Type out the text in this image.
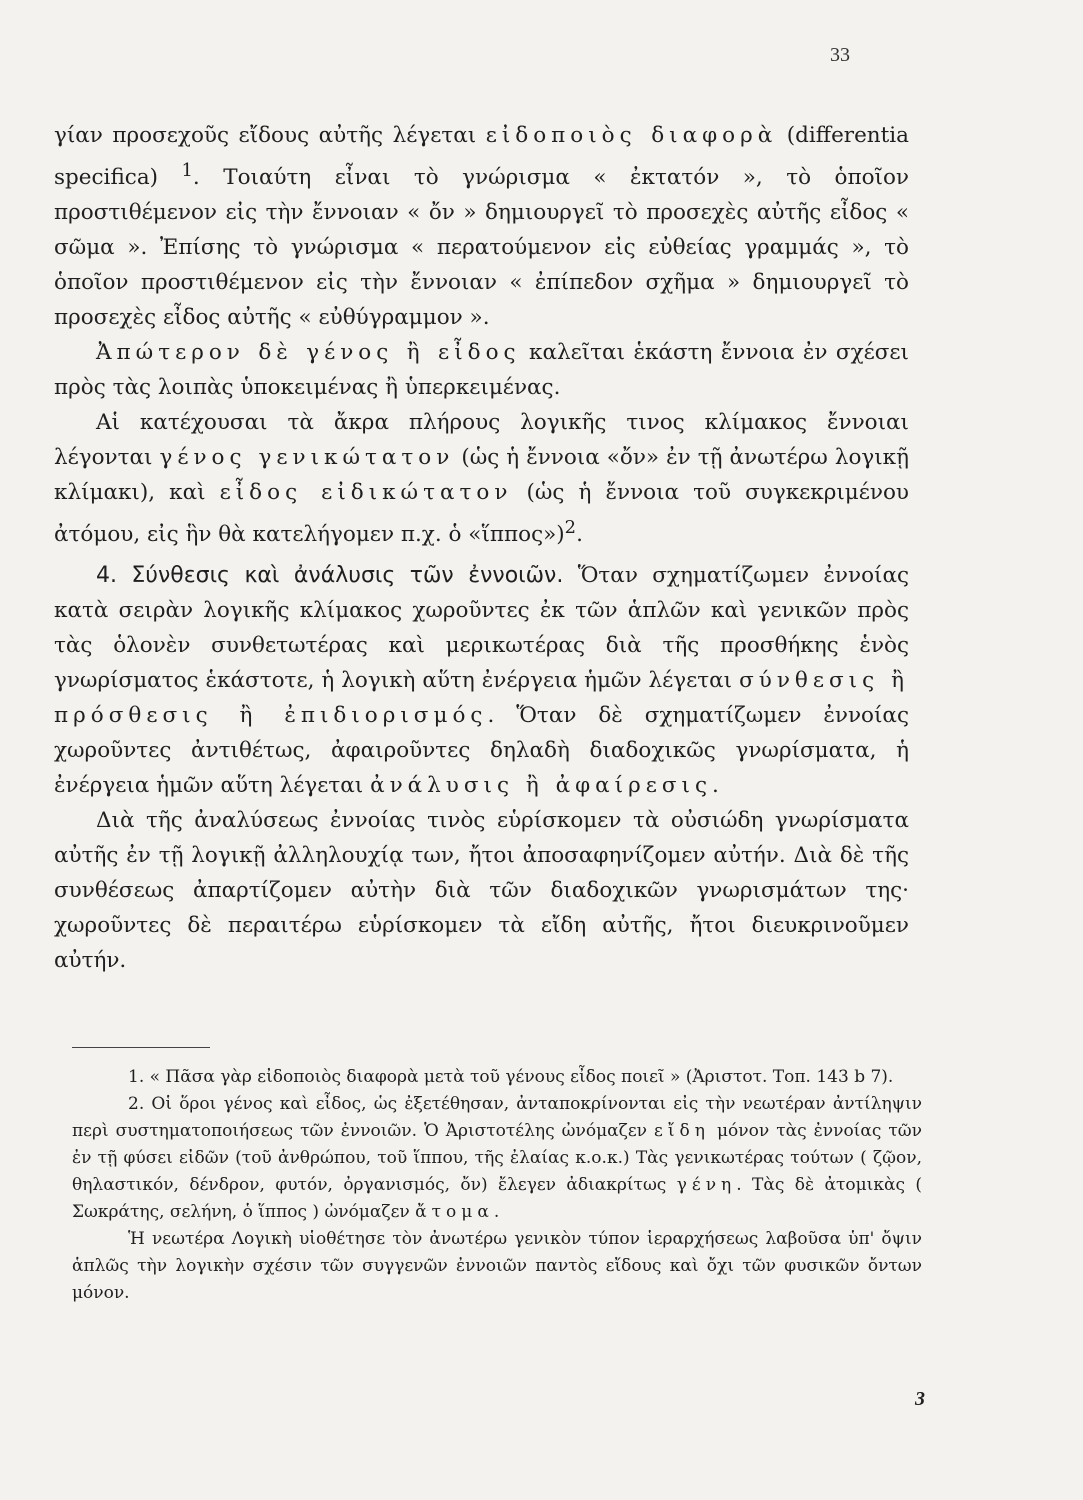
33

γίαν προσεχοῦς εἴδους αὐτῆς λέγεται εἰδοποιὸς διαφορὰ (differentia specifica) $^1$. Τοιαύτη εἶναι τὸ γνώρισμα « ἐκτατόν », τὸ ὁποῖον προστιθέμενον εἰς τὴν ἔννοιαν « ὄν » δημιουργεῖ τὸ προσεχὲς αὐτῆς εἶδος « σῶμα ». Ἐπίσης τὸ γνώρισμα « περατούμενον εἰς εὐθείας γραμμάς », τὸ ὁποῖον προστιθέμενον εἰς τὴν ἔννοιαν « ἐπίπεδον σχῆμα » δημιουργεῖ τὸ προσεχὲς εἶδος αὐτῆς « εὐθύγραμμον ».

Ἀπώτερον δὲ γένος ἢ εἶδος καλεῖται ἑκάστη ἔννοια ἐν σχέσει πρὸς τὰς λοιπὰς ὑποκειμένας ἢ ὑπερκειμένας.

Αἱ κατέχουσαι τὰ ἄκρα πλήρους λογικῆς τινος κλίμακος ἔννοιαι λέγονται γένος γενικώτατον (ὡς ἡ ἔννοια «ὄν» ἐν τῇ ἀνωτέρω λογικῇ κλίμακι), καὶ εἶδος εἰδικώτατον (ὡς ἡ ἔννοια τοῦ συγκεκριμένου ἀτόμου, εἰς ἣν θὰ κατελήγομεν π.χ. ὁ «ἵππος»)$^2$.

4. Σύνθεσις καὶ ἀνάλυσις τῶν ἐννοιῶν. Ὅταν σχηματίζωμεν ἐννοίας κατὰ σειρὰν λογικῆς κλίμακος χωροῦντες ἐκ τῶν ἁπλῶν καὶ γενικῶν πρὸς τὰς ὁλονὲν συνθετωτέρας καὶ μερικωτέρας διὰ τῆς προσθήκης ἑνὸς γνωρίσματος ἑκάστοτε, ἡ λογικὴ αὕτη ἐνέργεια ἡμῶν λέγεται σύνθεσις ἢ πρόσθεσις ἢ ἐπιδιορισμός. Ὅταν δὲ σχηματίζωμεν ἐννοίας χωροῦντες ἀντιθέτως, ἀφαιροῦντες δηλαδὴ διαδοχικῶς γνωρίσματα, ἡ ἐνέργεια ἡμῶν αὕτη λέγεται ἀνάλυσις ἢ ἀφαίρεσις.

Διὰ τῆς ἀναλύσεως ἐννοίας τινὸς εὑρίσκομεν τὰ οὐσιώδη γνωρίσματα αὐτῆς ἐν τῇ λογικῇ ἀλληλουχίᾳ των, ἤτοι ἀποσαφηνίζομεν αὐτήν. Διὰ δὲ τῆς συνθέσεως ἀπαρτίζομεν αὐτὴν διὰ τῶν διαδοχικῶν γνωρισμάτων της· χωροῦντες δὲ περαιτέρω εὑρίσκομεν τὰ εἴδη αὐτῆς, ἤτοι διευκρινοῦμεν αὐτήν.

1. « Πᾶσα γὰρ εἰδοποιὸς διαφορὰ μετὰ τοῦ γένους εἶδος ποιεῖ » (Ἀριστοτ. Τοπ. 143 b 7).

2. Οἱ ὅροι γένος καὶ εἶδος, ὡς ἐξετέθησαν, ἀνταποκρίνονται εἰς τὴν νεωτέραν ἀντίληψιν περὶ συστηματοποιήσεως τῶν ἐννοιῶν. Ὁ Ἀριστοτέλης ὠνόμαζεν εἴδη μόνον τὰς ἐννοίας τῶν ἐν τῇ φύσει εἰδῶν (τοῦ ἀνθρώπου, τοῦ ἵππου, τῆς ἐλαίας κ.ο.κ.) Τὰς γενικωτέρας τούτων ( ζῷον, θηλαστικόν, δένδρον, φυτόν, ὀργανισμός, ὄν) ἔλεγεν ἀδιακρίτως γένη. Τὰς δὲ ἀτομικὰς ( Σωκράτης, σελήνη, ὁ ἵππος ) ὠνόμαζεν ἄτομα.

Ἡ νεωτέρα Λογικὴ υἱοθέτησε τὸν ἀνωτέρω γενικὸν τύπον ἱεραρχήσεως λαβοῦσα ὑπ' ὄψιν ἁπλῶς τὴν λογικὴν σχέσιν τῶν συγγενῶν ἐννοιῶν παντὸς εἴδους καὶ ὄχι τῶν φυσικῶν ὄντων μόνον.

3
